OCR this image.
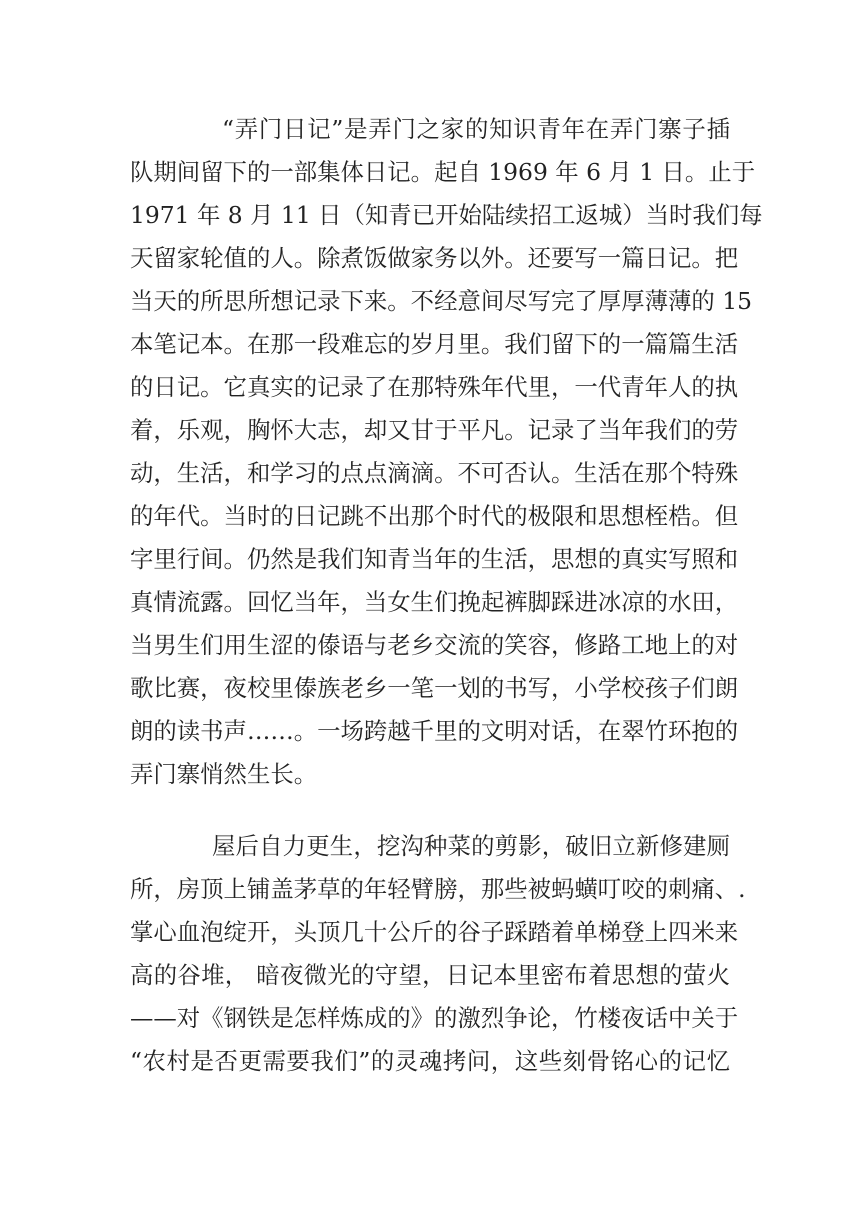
“弄门日记”是弄门之家的知识青年在弄门寨子插
队期间留下的一部集体日记。起自 1969 年 6 月 1 日。止于
1971 年 8 月 11 日（知青已开始陆续招工返城）当时我们每
天留家轮值的人。除煮饭做家务以外。还要写一篇日记。把
当天的所思所想记录下来。不经意间尽写完了厚厚薄薄的 15
本笔记本。在那一段难忘的岁月里。我们留下的一篇篇生活
的日记。它真实的记录了在那特殊年代里，一代青年人的执
着，乐观，胸怀大志，却又甘于平凡。记录了当年我们的劳
动，生活，和学习的点点滴滴。不可否认。生活在那个特殊
的年代。当时的日记跳不出那个时代的极限和思想桎梏。但
字里行间。仍然是我们知青当年的生活，思想的真实写照和
真情流露。回忆当年，当女生们挽起裤脚踩进冰凉的水田，
当男生们用生涩的傣语与老乡交流的笑容，修路工地上的对
歌比赛，夜校里傣族老乡一笔一划的书写，小学校孩子们朗
朗的读书声……。一场跨越千里的文明对话，在翠竹环抱的
弄门寨悄然生长。
屋后自力更生，挖沟种菜的剪影，破旧立新修建厕
所，房顶上铺盖茅草的年轻臂膀，那些被蚂蟥叮咬的刺痛、.
掌心血泡绽开，头顶几十公斤的谷子踩踏着单梯登上四米来
高的谷堆， 暗夜微光的守望，日记本里密布着思想的萤火
——对《钢铁是怎样炼成的》的激烈争论，竹楼夜话中关于
“农村是否更需要我们”的灵魂拷问，这些刻骨铭心的记忆
